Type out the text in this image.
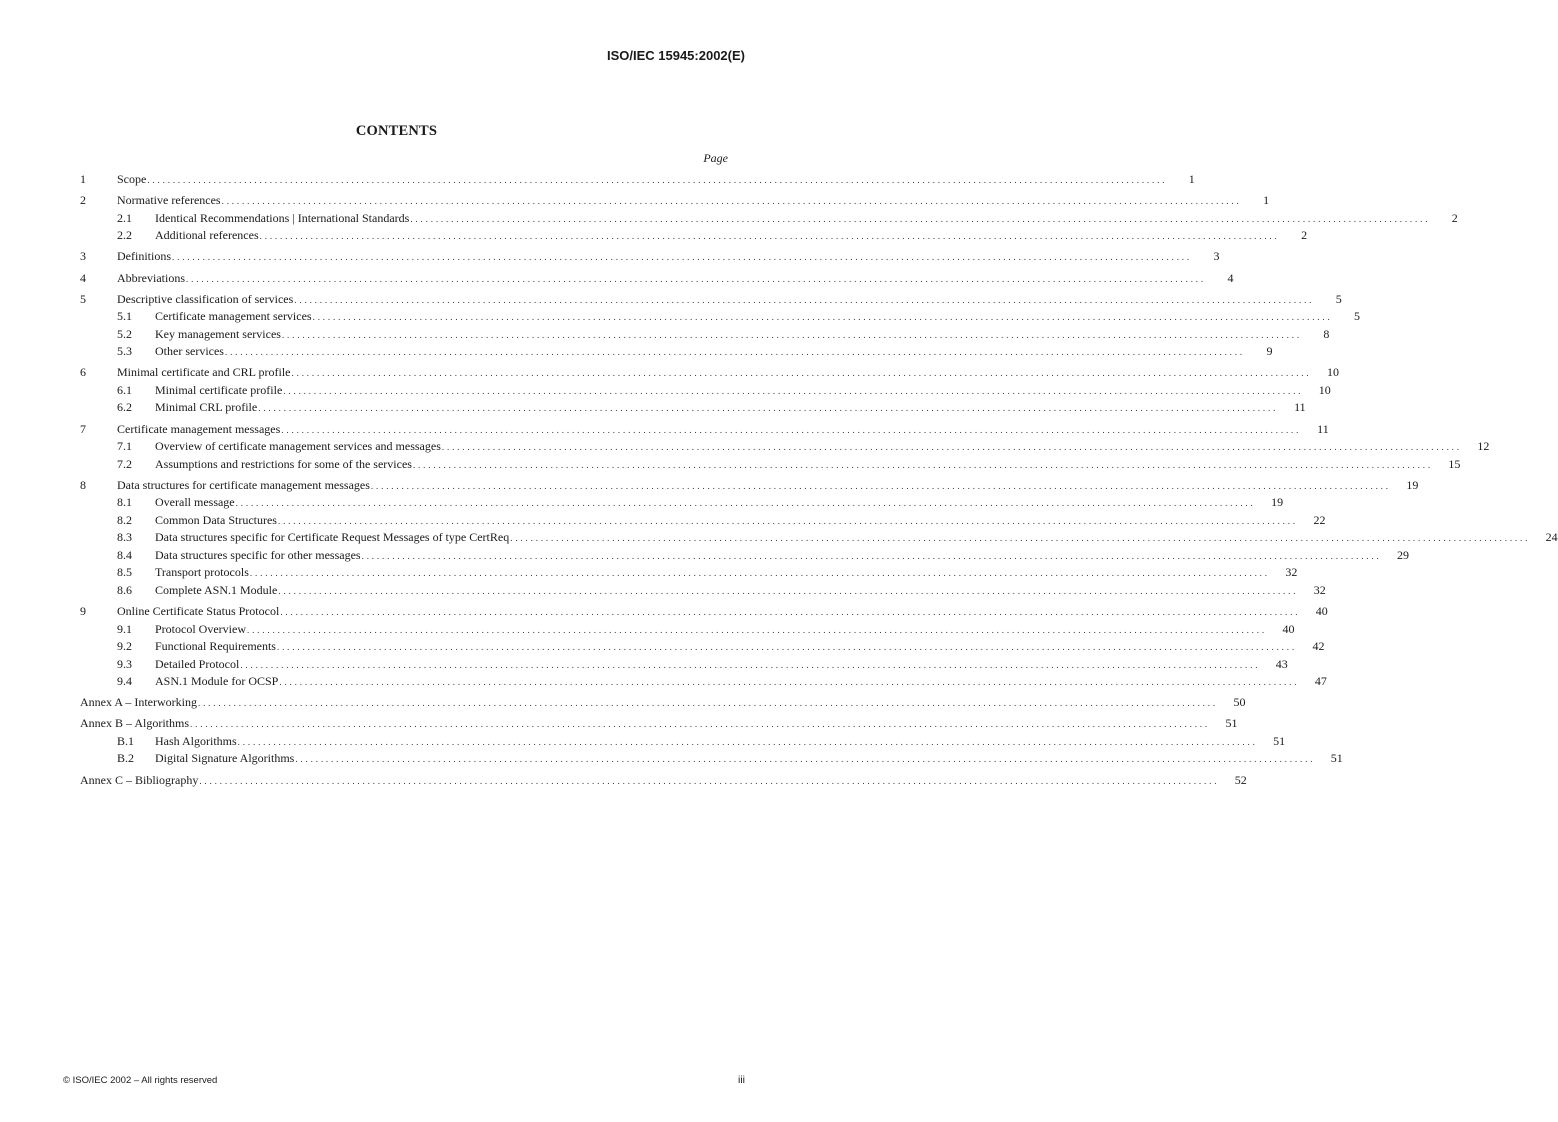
ISO/IEC 15945:2002(E)
CONTENTS
Page
1	Scope . . . . . . . . . . . . . . . . . . . . . . . . . . . . . . . . . . . . . . . . . . . . . . . . . . . . . . . . . . . . . . . . . . . . . . . . . . . . . . . . . . . . . . . . . . . . . . . . . . . . . . . . . . . . . . . . . . . . . . . . . . . . . . . . . . . . . . . . . . . . . . . . . . . . . . . . . . . . . . . . . . . . . . . . . . . . . . . . . . . . . . . . . . . . . . . . . . . . . . . .	1
2	Normative references . . . . . . . . . . . . . . . . . . . . . . . . . . . . . . . . . . . . . . . . . . . . . . . . . . . . . . . . . . . . . . . . . . . . . . . . . . . . . . . . . . . . . . . . . . . . . . . . . . . . . . . . . . . . . . . . . . . . . . . . . . . . . . . . . . . . . . . . . . . . . . . . . . . . . . . . . . . . . . . . . . . . . . . . . . . . . . . . . . . . . . . . . . . . . . . . . . . . . . . .	1
2.1	Identical Recommendations | International Standards . . . . . . . . . . . . . . . . . . . . . . . . . . . . . . . . . . . . . . . . . . . . . . . . . . . . . . . . . . . . . . . . . . . . . . . . . . . . . . . . . . . . . . . . . . . . . . . . . . . . . . . . . . . . . . . . . . . . . . . . . . . . . . . . . . . . . . . . . . . . . . . . . . . . . . . . . . . . . . . . . . . . . . . . . . . . . . . . . . . . . . . . . . . . . . . . . . . . . . . .	2
2.2	Additional references . . . . . . . . . . . . . . . . . . . . . . . . . . . . . . . . . . . . . . . . . . . . . . . . . . . . . . . . . . . . . . . . . . . . . . . . . . . . . . . . . . . . . . . . . . . . . . . . . . . . . . . . . . . . . . . . . . . . . . . . . . . . . . . . . . . . . . . . . . . . . . . . . . . . . . . . . . . . . . . . . . . . . . . . . . . . . . . . . . . . . . . . . . . . . . . . . . . . . . . .	2
3	Definitions . . . . . . . . . . . . . . . . . . . . . . . . . . . . . . . . . . . . . . . . . . . . . . . . . . . . . . . . . . . . . . . . . . . . . . . . . . . . . . . . . . . . . . . . . . . . . . . . . . . . . . . . . . . . . . . . . . . . . . . . . . . . . . . . . . . . . . . . . . . . . . . . . . . . . . . . . . . . . . . . . . . . . . . . . . . . . . . . . . . . . . . . . . . . . . . . . . . . . . . .	3
4	Abbreviations . . . . . . . . . . . . . . . . . . . . . . . . . . . . . . . . . . . . . . . . . . . . . . . . . . . . . . . . . . . . . . . . . . . . . . . . . . . . . . . . . . . . . . . . . . . . . . . . . . . . . . . . . . . . . . . . . . . . . . . . . . . . . . . . . . . . . . . . . . . . . . . . . . . . . . . . . . . . . . . . . . . . . . . . . . . . . . . . . . . . . . . . . . . . . . . . . . . . . . . .	4
5	Descriptive classification of services . . . . . . . . . . . . . . . . . . . . . . . . . . . . . . . . . . . . . . . . . . . . . . . . . . . . . . . . . . . . . . . . . . . . . . . . . . . . . . . . . . . . . . . . . . . . . . . . . . . . . . . . . . . . . . . . . . . . . . . . . . . . . . . . . . . . . . . . . . . . . . . . . . . . . . . . . . . . . . . . . . . . . . . . . . . . . . . . . . . . . . . . . . . . . . . . . . . . . . . .	5
5.1	Certificate management services . . . . . . . . . . . . . . . . . . . . . . . . . . . . . . . . . . . . . . . . . . . . . . . . . . . . . . . . . . . . . . . . . . . . . . . . . . . . . . . . . . . . . . . . . . . . . . . . . . . . . . . . . . . . . . . . . . . . . . . . . . . . . . . . . . . . . . . . . . . . . . . . . . . . . . . . . . . . . . . . . . . . . . . . . . . . . . . . . . . . . . . . . . . . . . . . . . . . . . . .	5
5.2	Key management services . . . . . . . . . . . . . . . . . . . . . . . . . . . . . . . . . . . . . . . . . . . . . . . . . . . . . . . . . . . . . . . . . . . . . . . . . . . . . . . . . . . . . . . . . . . . . . . . . . . . . . . . . . . . . . . . . . . . . . . . . . . . . . . . . . . . . . . . . . . . . . . . . . . . . . . . . . . . . . . . . . . . . . . . . . . . . . . . . . . . . . . . . . . . . . . . . . . . . . . .	8
5.3	Other services . . . . . . . . . . . . . . . . . . . . . . . . . . . . . . . . . . . . . . . . . . . . . . . . . . . . . . . . . . . . . . . . . . . . . . . . . . . . . . . . . . . . . . . . . . . . . . . . . . . . . . . . . . . . . . . . . . . . . . . . . . . . . . . . . . . . . . . . . . . . . . . . . . . . . . . . . . . . . . . . . . . . . . . . . . . . . . . . . . . . . . . . . . . . . . . . . . . . . . . .	9
6	Minimal certificate and CRL profile . . . . . . . . . . . . . . . . . . . . . . . . . . . . . . . . . . . . . . . . . . . . . . . . . . . . . . . . . . . . . . . . . . . . . . . . . . . . . . . . . . . . . . . . . . . . . . . . . . . . . . . . . . . . . . . . . . . . . . . . . . . . . . . . . . . . . . . . . . . . . . . . . . . . . . . . . . . . . . . . . . . . . . . . . . . . . . . . . . . . . . . . . . . . . . . . . . . . . . . .	10
6.1	Minimal certificate profile . . . . . . . . . . . . . . . . . . . . . . . . . . . . . . . . . . . . . . . . . . . . . . . . . . . . . . . . . . . . . . . . . . . . . . . . . . . . . . . . . . . . . . . . . . . . . . . . . . . . . . . . . . . . . . . . . . . . . . . . . . . . . . . . . . . . . . . . . . . . . . . . . . . . . . . . . . . . . . . . . . . . . . . . . . . . . . . . . . . . . . . . . . . . . . . . . . . . . . . .	10
6.2	Minimal CRL profile . . . . . . . . . . . . . . . . . . . . . . . . . . . . . . . . . . . . . . . . . . . . . . . . . . . . . . . . . . . . . . . . . . . . . . . . . . . . . . . . . . . . . . . . . . . . . . . . . . . . . . . . . . . . . . . . . . . . . . . . . . . . . . . . . . . . . . . . . . . . . . . . . . . . . . . . . . . . . . . . . . . . . . . . . . . . . . . . . . . . . . . . . . . . . . . . . . . . . . . .	11
7	Certificate management messages . . . . . . . . . . . . . . . . . . . . . . . . . . . . . . . . . . . . . . . . . . . . . . . . . . . . . . . . . . . . . . . . . . . . . . . . . . . . . . . . . . . . . . . . . . . . . . . . . . . . . . . . . . . . . . . . . . . . . . . . . . . . . . . . . . . . . . . . . . . . . . . . . . . . . . . . . . . . . . . . . . . . . . . . . . . . . . . . . . . . . . . . . . . . . . . . . . . . . . . .	11
7.1	Overview of certificate management services and messages . . . . . . . . . . . . . . . . . . . . . . . . . . . . . . . . . . . . . . . . . . . . . . . . . . . . . . . . . . . . . . . . . . . . . . . . . . . . . . . . . . . . . . . . . . . . . . . . . . . . . . . . . . . . . . . . . . . . . . . . . . . . . . . . . . . . . . . . . . . . . . . . . . . . . . . . . . . . . . . . . . . . . . . . . . . . . . . . . . . . . . . . . . . . . . . . . . . . . . . .	12
7.2	Assumptions and restrictions for some of the services . . . . . . . . . . . . . . . . . . . . . . . . . . . . . . . . . . . . . . . . . . . . . . . . . . . . . . . . . . . . . . . . . . . . . . . . . . . . . . . . . . . . . . . . . . . . . . . . . . . . . . . . . . . . . . . . . . . . . . . . . . . . . . . . . . . . . . . . . . . . . . . . . . . . . . . . . . . . . . . . . . . . . . . . . . . . . . . . . . . . . . . . . . . . . . . . . . . . . . . .	15
8	Data structures for certificate management messages . . . . . . . . . . . . . . . . . . . . . . . . . . . . . . . . . . . . . . . . . . . . . . . . . . . . . . . . . . . . . . . . . . . . . . . . . . . . . . . . . . . . . . . . . . . . . . . . . . . . . . . . . . . . . . . . . . . . . . . . . . . . . . . . . . . . . . . . . . . . . . . . . . . . . . . . . . . . . . . . . . . . . . . . . . . . . . . . . . . . . . . . . . . . . . . . . . . . . . . .	19
8.1	Overall message . . . . . . . . . . . . . . . . . . . . . . . . . . . . . . . . . . . . . . . . . . . . . . . . . . . . . . . . . . . . . . . . . . . . . . . . . . . . . . . . . . . . . . . . . . . . . . . . . . . . . . . . . . . . . . . . . . . . . . . . . . . . . . . . . . . . . . . . . . . . . . . . . . . . . . . . . . . . . . . . . . . . . . . . . . . . . . . . . . . . . . . . . . . . . . . . . . . . . . . .	19
8.2	Common Data Structures . . . . . . . . . . . . . . . . . . . . . . . . . . . . . . . . . . . . . . . . . . . . . . . . . . . . . . . . . . . . . . . . . . . . . . . . . . . . . . . . . . . . . . . . . . . . . . . . . . . . . . . . . . . . . . . . . . . . . . . . . . . . . . . . . . . . . . . . . . . . . . . . . . . . . . . . . . . . . . . . . . . . . . . . . . . . . . . . . . . . . . . . . . . . . . . . . . . . . . . .	22
8.3	Data structures specific for Certificate Request Messages of type CertReq . . . . . . . . . . . . . . . . . . . . . . . . . . . . . . . . . . . . . . . . . . . . . . . . . . . . . . . . . . . . . . . . . . . . . . . . . . . . . . . . . . . . . . . . . . . . . . . . . . . . . . . . . . . . . . . . . . . . . . . . . . . . . . . . . . . . . . . . . . . . . . . . . . . . . . . . . . . . . . . . . . . . . . . . . . . . . . . . . . . . . . . . . . . . . . . . . . . . . . . .	24
8.4	Data structures specific for other messages . . . . . . . . . . . . . . . . . . . . . . . . . . . . . . . . . . . . . . . . . . . . . . . . . . . . . . . . . . . . . . . . . . . . . . . . . . . . . . . . . . . . . . . . . . . . . . . . . . . . . . . . . . . . . . . . . . . . . . . . . . . . . . . . . . . . . . . . . . . . . . . . . . . . . . . . . . . . . . . . . . . . . . . . . . . . . . . . . . . . . . . . . . . . . . . . . . . . . . . .	29
8.5	Transport protocols . . . . . . . . . . . . . . . . . . . . . . . . . . . . . . . . . . . . . . . . . . . . . . . . . . . . . . . . . . . . . . . . . . . . . . . . . . . . . . . . . . . . . . . . . . . . . . . . . . . . . . . . . . . . . . . . . . . . . . . . . . . . . . . . . . . . . . . . . . . . . . . . . . . . . . . . . . . . . . . . . . . . . . . . . . . . . . . . . . . . . . . . . . . . . . . . . . . . . . . .	32
8.6	Complete ASN.1 Module . . . . . . . . . . . . . . . . . . . . . . . . . . . . . . . . . . . . . . . . . . . . . . . . . . . . . . . . . . . . . . . . . . . . . . . . . . . . . . . . . . . . . . . . . . . . . . . . . . . . . . . . . . . . . . . . . . . . . . . . . . . . . . . . . . . . . . . . . . . . . . . . . . . . . . . . . . . . . . . . . . . . . . . . . . . . . . . . . . . . . . . . . . . . . . . . . . . . . . . .	32
9	Online Certificate Status Protocol . . . . . . . . . . . . . . . . . . . . . . . . . . . . . . . . . . . . . . . . . . . . . . . . . . . . . . . . . . . . . . . . . . . . . . . . . . . . . . . . . . . . . . . . . . . . . . . . . . . . . . . . . . . . . . . . . . . . . . . . . . . . . . . . . . . . . . . . . . . . . . . . . . . . . . . . . . . . . . . . . . . . . . . . . . . . . . . . . . . . . . . . . . . . . . . . . . . . . . . .	40
9.1	Protocol Overview . . . . . . . . . . . . . . . . . . . . . . . . . . . . . . . . . . . . . . . . . . . . . . . . . . . . . . . . . . . . . . . . . . . . . . . . . . . . . . . . . . . . . . . . . . . . . . . . . . . . . . . . . . . . . . . . . . . . . . . . . . . . . . . . . . . . . . . . . . . . . . . . . . . . . . . . . . . . . . . . . . . . . . . . . . . . . . . . . . . . . . . . . . . . . . . . . . . . . . . .	40
9.2	Functional Requirements . . . . . . . . . . . . . . . . . . . . . . . . . . . . . . . . . . . . . . . . . . . . . . . . . . . . . . . . . . . . . . . . . . . . . . . . . . . . . . . . . . . . . . . . . . . . . . . . . . . . . . . . . . . . . . . . . . . . . . . . . . . . . . . . . . . . . . . . . . . . . . . . . . . . . . . . . . . . . . . . . . . . . . . . . . . . . . . . . . . . . . . . . . . . . . . . . . . . . . . .	42
9.3	Detailed Protocol . . . . . . . . . . . . . . . . . . . . . . . . . . . . . . . . . . . . . . . . . . . . . . . . . . . . . . . . . . . . . . . . . . . . . . . . . . . . . . . . . . . . . . . . . . . . . . . . . . . . . . . . . . . . . . . . . . . . . . . . . . . . . . . . . . . . . . . . . . . . . . . . . . . . . . . . . . . . . . . . . . . . . . . . . . . . . . . . . . . . . . . . . . . . . . . . . . . . . . . .	43
9.4	ASN.1 Module for OCSP . . . . . . . . . . . . . . . . . . . . . . . . . . . . . . . . . . . . . . . . . . . . . . . . . . . . . . . . . . . . . . . . . . . . . . . . . . . . . . . . . . . . . . . . . . . . . . . . . . . . . . . . . . . . . . . . . . . . . . . . . . . . . . . . . . . . . . . . . . . . . . . . . . . . . . . . . . . . . . . . . . . . . . . . . . . . . . . . . . . . . . . . . . . . . . . . . . . . . . . .	47
Annex A – Interworking . . . . . . . . . . . . . . . . . . . . . . . . . . . . . . . . . . . . . . . . . . . . . . . . . . . . . . . . . . . . . . . . . . . . . . . . . . . . . . . . . . . . . . . . . . . . . . . . . . . . . . . . . . . . . . . . . . . . . . . . . . . . . . . . . . . . . . . . . . . . . . . . . . . . . . . . . . . . . . . . . . . . . . . . . . . . . . . . . . . . . . . . . . . . . . . . . . . . . . . .	50
Annex B – Algorithms . . . . . . . . . . . . . . . . . . . . . . . . . . . . . . . . . . . . . . . . . . . . . . . . . . . . . . . . . . . . . . . . . . . . . . . . . . . . . . . . . . . . . . . . . . . . . . . . . . . . . . . . . . . . . . . . . . . . . . . . . . . . . . . . . . . . . . . . . . . . . . . . . . . . . . . . . . . . . . . . . . . . . . . . . . . . . . . . . . . . . . . . . . . . . . . . . . . . . . . .	51
B.1	Hash Algorithms . . . . . . . . . . . . . . . . . . . . . . . . . . . . . . . . . . . . . . . . . . . . . . . . . . . . . . . . . . . . . . . . . . . . . . . . . . . . . . . . . . . . . . . . . . . . . . . . . . . . . . . . . . . . . . . . . . . . . . . . . . . . . . . . . . . . . . . . . . . . . . . . . . . . . . . . . . . . . . . . . . . . . . . . . . . . . . . . . . . . . . . . . . . . . . . . . . . . . . . .	51
B.2	Digital Signature Algorithms . . . . . . . . . . . . . . . . . . . . . . . . . . . . . . . . . . . . . . . . . . . . . . . . . . . . . . . . . . . . . . . . . . . . . . . . . . . . . . . . . . . . . . . . . . . . . . . . . . . . . . . . . . . . . . . . . . . . . . . . . . . . . . . . . . . . . . . . . . . . . . . . . . . . . . . . . . . . . . . . . . . . . . . . . . . . . . . . . . . . . . . . . . . . . . . . . . . . . . . .	51
Annex C – Bibliography . . . . . . . . . . . . . . . . . . . . . . . . . . . . . . . . . . . . . . . . . . . . . . . . . . . . . . . . . . . . . . . . . . . . . . . . . . . . . . . . . . . . . . . . . . . . . . . . . . . . . . . . . . . . . . . . . . . . . . . . . . . . . . . . . . . . . . . . . . . . . . . . . . . . . . . . . . . . . . . . . . . . . . . . . . . . . . . . . . . . . . . . . . . . . . . . . . . . . . . .	52
© ISO/IEC 2002 – All rights reserved	iii
